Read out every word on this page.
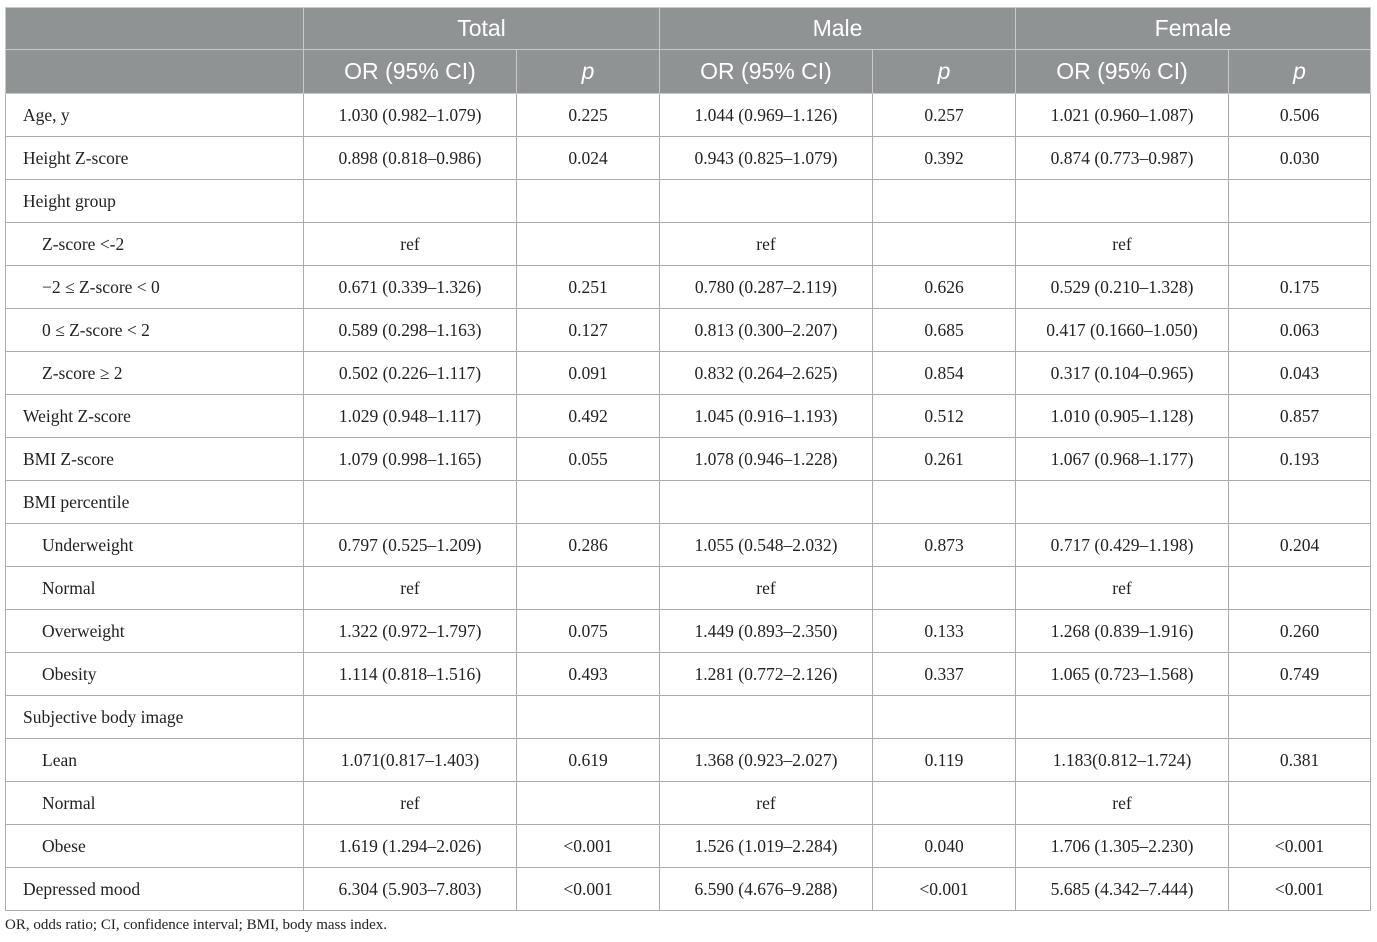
	Total		Male		Female	
	OR (95% CI)	p	OR (95% CI)	p	OR (95% CI)	p
Age, y	1.030 (0.982–1.079)	0.225	1.044 (0.969–1.126)	0.257	1.021 (0.960–1.087)	0.506
Height Z-score	0.898 (0.818–0.986)	0.024	0.943 (0.825–1.079)	0.392	0.874 (0.773–0.987)	0.030
Height group						
Z-score <-2	ref		ref		ref	
−2 ≤ Z-score < 0	0.671 (0.339–1.326)	0.251	0.780 (0.287–2.119)	0.626	0.529 (0.210–1.328)	0.175
0 ≤ Z-score < 2	0.589 (0.298–1.163)	0.127	0.813 (0.300–2.207)	0.685	0.417 (0.1660–1.050)	0.063
Z-score ≥ 2	0.502 (0.226–1.117)	0.091	0.832 (0.264–2.625)	0.854	0.317 (0.104–0.965)	0.043
Weight Z-score	1.029 (0.948–1.117)	0.492	1.045 (0.916–1.193)	0.512	1.010 (0.905–1.128)	0.857
BMI Z-score	1.079 (0.998–1.165)	0.055	1.078 (0.946–1.228)	0.261	1.067 (0.968–1.177)	0.193
BMI percentile						
Underweight	0.797 (0.525–1.209)	0.286	1.055 (0.548–2.032)	0.873	0.717 (0.429–1.198)	0.204
Normal	ref		ref		ref	
Overweight	1.322 (0.972–1.797)	0.075	1.449 (0.893–2.350)	0.133	1.268 (0.839–1.916)	0.260
Obesity	1.114 (0.818–1.516)	0.493	1.281 (0.772–2.126)	0.337	1.065 (0.723–1.568)	0.749
Subjective body image						
Lean	1.071(0.817–1.403)	0.619	1.368 (0.923–2.027)	0.119	1.183(0.812–1.724)	0.381
Normal	ref		ref		ref	
Obese	1.619 (1.294–2.026)	<0.001	1.526 (1.019–2.284)	0.040	1.706 (1.305–2.230)	<0.001
Depressed mood	6.304 (5.903–7.803)	<0.001	6.590 (4.676–9.288)	<0.001	5.685 (4.342–7.444)	<0.001
OR, odds ratio; CI, confidence interval; BMI, body mass index.
